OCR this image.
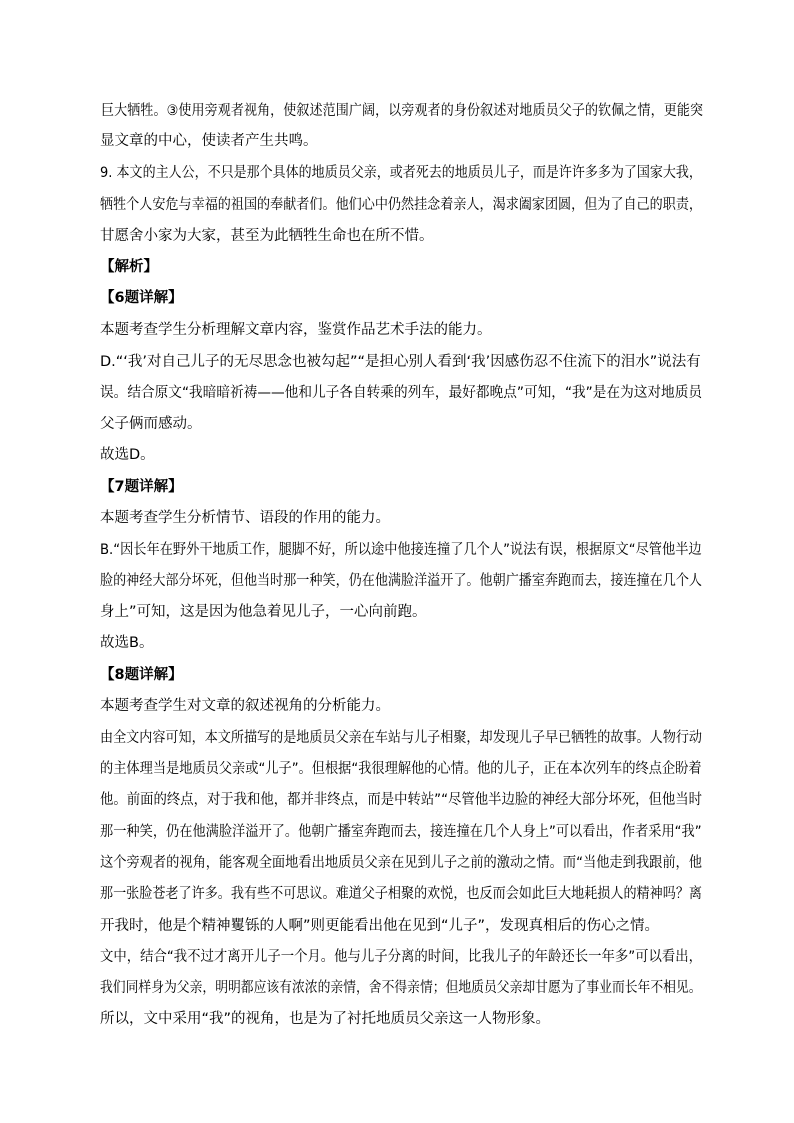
巨大牺牲。③使用旁观者视角，使叙述范围广阔，以旁观者的身份叙述对地质员父子的钦佩之情，更能突
显文章的中心，使读者产生共鸣。
9. 本文的主人公，不只是那个具体的地质员父亲，或者死去的地质员儿子，而是许许多多为了国家大我，
牺牲个人安危与幸福的祖国的奉献者们。他们心中仍然挂念着亲人，渴求阖家团圆，但为了自己的职责，
甘愿舍小家为大家，甚至为此牺牲生命也在所不惜。
【解析】
【6题详解】
本题考查学生分析理解文章内容，鉴赏作品艺术手法的能力。
D.“‘我’对自己儿子的无尽思念也被勾起”“是担心别人看到‘我’因感伤忍不住流下的泪水”说法有
误。结合原文“我暗暗祈祷——他和儿子各自转乘的列车，最好都晚点”可知，“我”是在为这对地质员
父子俩而感动。
故选D。
【7题详解】
本题考查学生分析情节、语段的作用的能力。
B.“因长年在野外干地质工作，腿脚不好，所以途中他接连撞了几个人”说法有误，根据原文“尽管他半边
脸的神经大部分坏死，但他当时那一种笑，仍在他满脸洋溢开了。他朝广播室奔跑而去，接连撞在几个人
身上”可知，这是因为他急着见儿子，一心向前跑。
故选B。
【8题详解】
本题考查学生对文章的叙述视角的分析能力。
由全文内容可知，本文所描写的是地质员父亲在车站与儿子相聚，却发现儿子早已牺牲的故事。人物行动
的主体理当是地质员父亲或“儿子”。但根据“我很理解他的心情。他的儿子，正在本次列车的终点企盼着
他。前面的终点，对于我和他，都并非终点，而是中转站”“尽管他半边脸的神经大部分坏死，但他当时
那一种笑，仍在他满脸洋溢开了。他朝广播室奔跑而去，接连撞在几个人身上”可以看出，作者采用“我”
这个旁观者的视角，能客观全面地看出地质员父亲在见到儿子之前的激动之情。而“当他走到我跟前，他
那一张脸苍老了许多。我有些不可思议。难道父子相聚的欢悦，也反而会如此巨大地耗损人的精神吗？离
开我时，他是个精神矍铄的人啊”则更能看出他在见到“儿子”，发现真相后的伤心之情。
文中，结合“我不过才离开儿子一个月。他与儿子分离的时间，比我儿子的年龄还长一年多”可以看出，
我们同样身为父亲，明明都应该有浓浓的亲情，舍不得亲情；但地质员父亲却甘愿为了事业而长年不相见。
所以，文中采用“我”的视角，也是为了衬托地质员父亲这一人物形象。
